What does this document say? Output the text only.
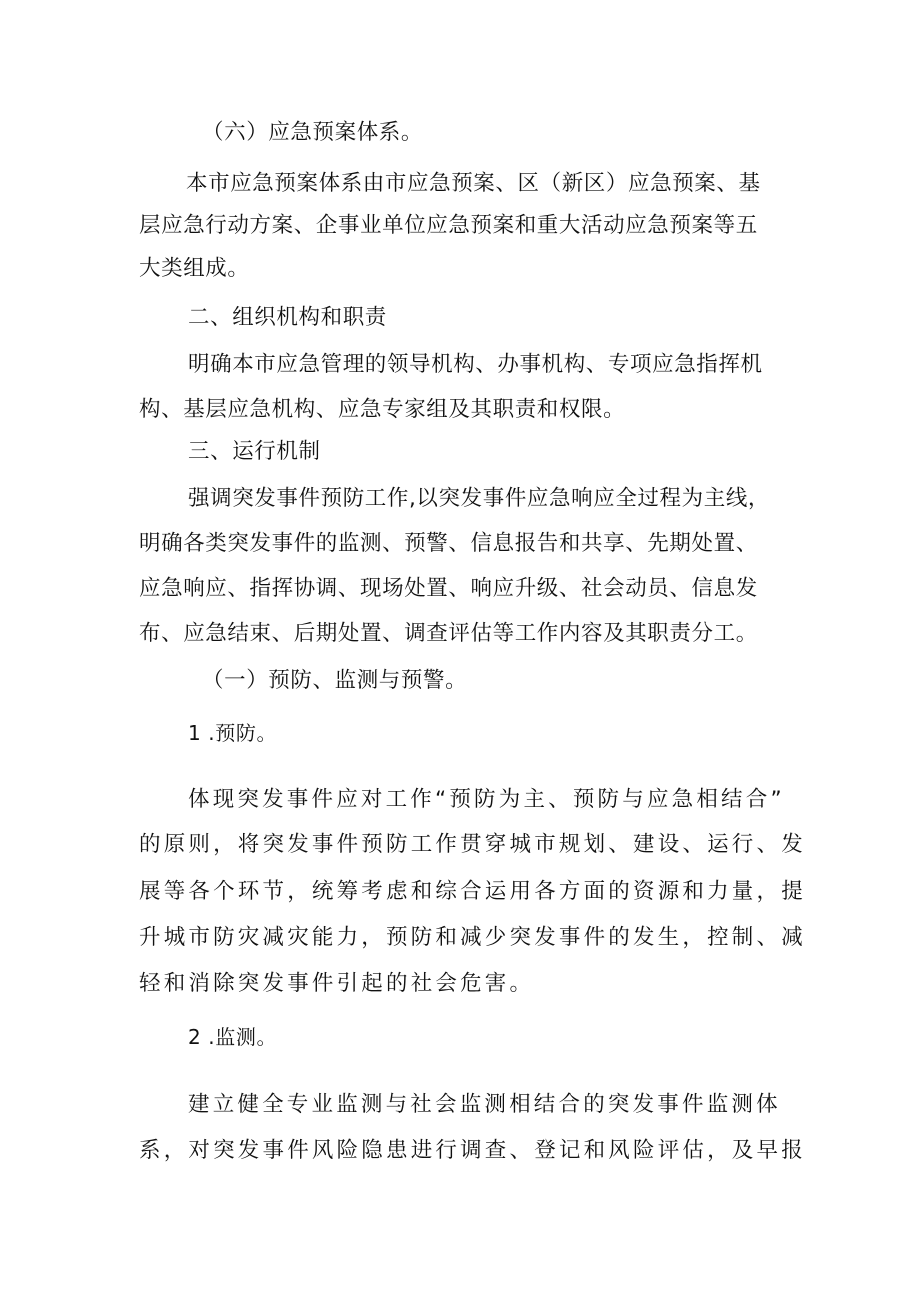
（六）应急预案体系。
本市应急预案体系由市应急预案、区（新区）应急预案、基
层应急行动方案、企事业单位应急预案和重大活动应急预案等五
大类组成。
二、组织机构和职责
明确本市应急管理的领导机构、办事机构、专项应急指挥机
构、基层应急机构、应急专家组及其职责和权限。
三、运行机制
强调突发事件预防工作,以突发事件应急响应全过程为主线，
明确各类突发事件的监测、预警、信息报告和共享、先期处置、
应急响应、指挥协调、现场处置、响应升级、社会动员、信息发
布、应急结束、后期处置、调查评估等工作内容及其职责分工。
（一）预防、监测与预警。
1 .预防。
体现突发事件应对工作“预防为主、预防与应急相结合”
的原则，将突发事件预防工作贯穿城市规划、建设、运行、发
展等各个环节，统筹考虑和综合运用各方面的资源和力量，提
升城市防灾减灾能力，预防和减少突发事件的发生，控制、减
轻和消除突发事件引起的社会危害。
2 .监测。
建立健全专业监测与社会监测相结合的突发事件监测体
系，对突发事件风险隐患进行调查、登记和风险评估，及早报
